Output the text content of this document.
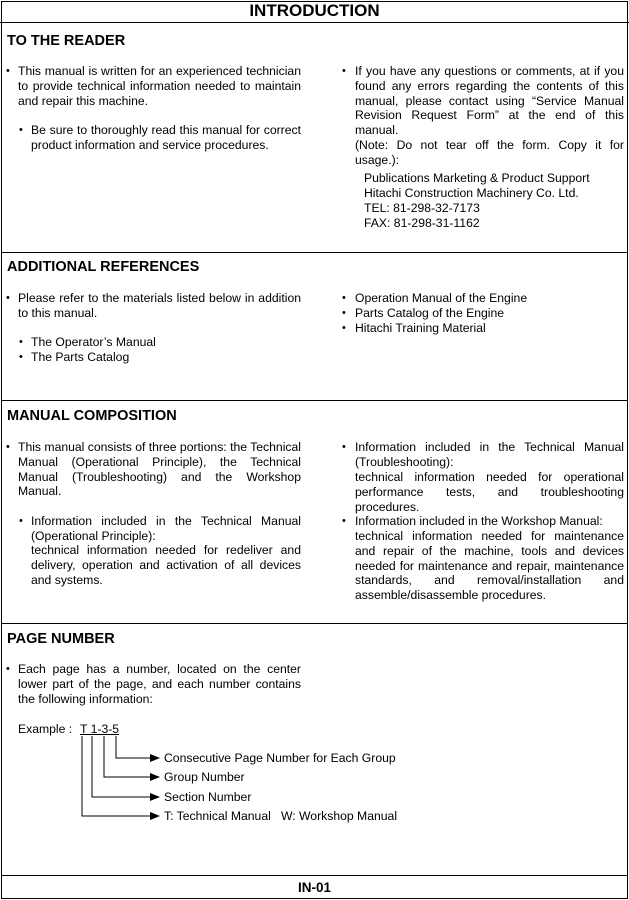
INTRODUCTION
TO THE READER
• This manual is written for an experienced technician to provide technical information needed to maintain and repair this machine.
• Be sure to thoroughly read this manual for correct product information and service procedures.
• If you have any questions or comments, at if you found any errors regarding the contents of this manual, please contact using “Service Manual Revision Request Form” at the end of this manual.
(Note: Do not tear off the form. Copy it for usage.):
Publications Marketing & Product Support
Hitachi Construction Machinery Co. Ltd.
TEL: 81-298-32-7173
FAX: 81-298-31-1162
ADDITIONAL REFERENCES
• Please refer to the materials listed below in addition to this manual.
• The Operator’s Manual
• The Parts Catalog
• Operation Manual of the Engine
• Parts Catalog of the Engine
• Hitachi Training Material
MANUAL COMPOSITION
• This manual consists of three portions: the Technical Manual (Operational Principle), the Technical Manual (Troubleshooting) and the Workshop Manual.
• Information included in the Technical Manual (Operational Principle):
technical information needed for redeliver and delivery, operation and activation of all devices and systems.
• Information included in the Technical Manual (Troubleshooting):
technical information needed for operational performance tests, and troubleshooting procedures.
• Information included in the Workshop Manual:
technical information needed for maintenance and repair of the machine, tools and devices needed for maintenance and repair, maintenance standards, and removal/installation and assemble/disassemble procedures.
PAGE NUMBER
• Each page has a number, located on the center lower part of the page, and each number contains the following information:
Example : T 1-3-5
Consecutive Page Number for Each Group
Group Number
Section Number
T: Technical Manual   W: Workshop Manual
IN-01
